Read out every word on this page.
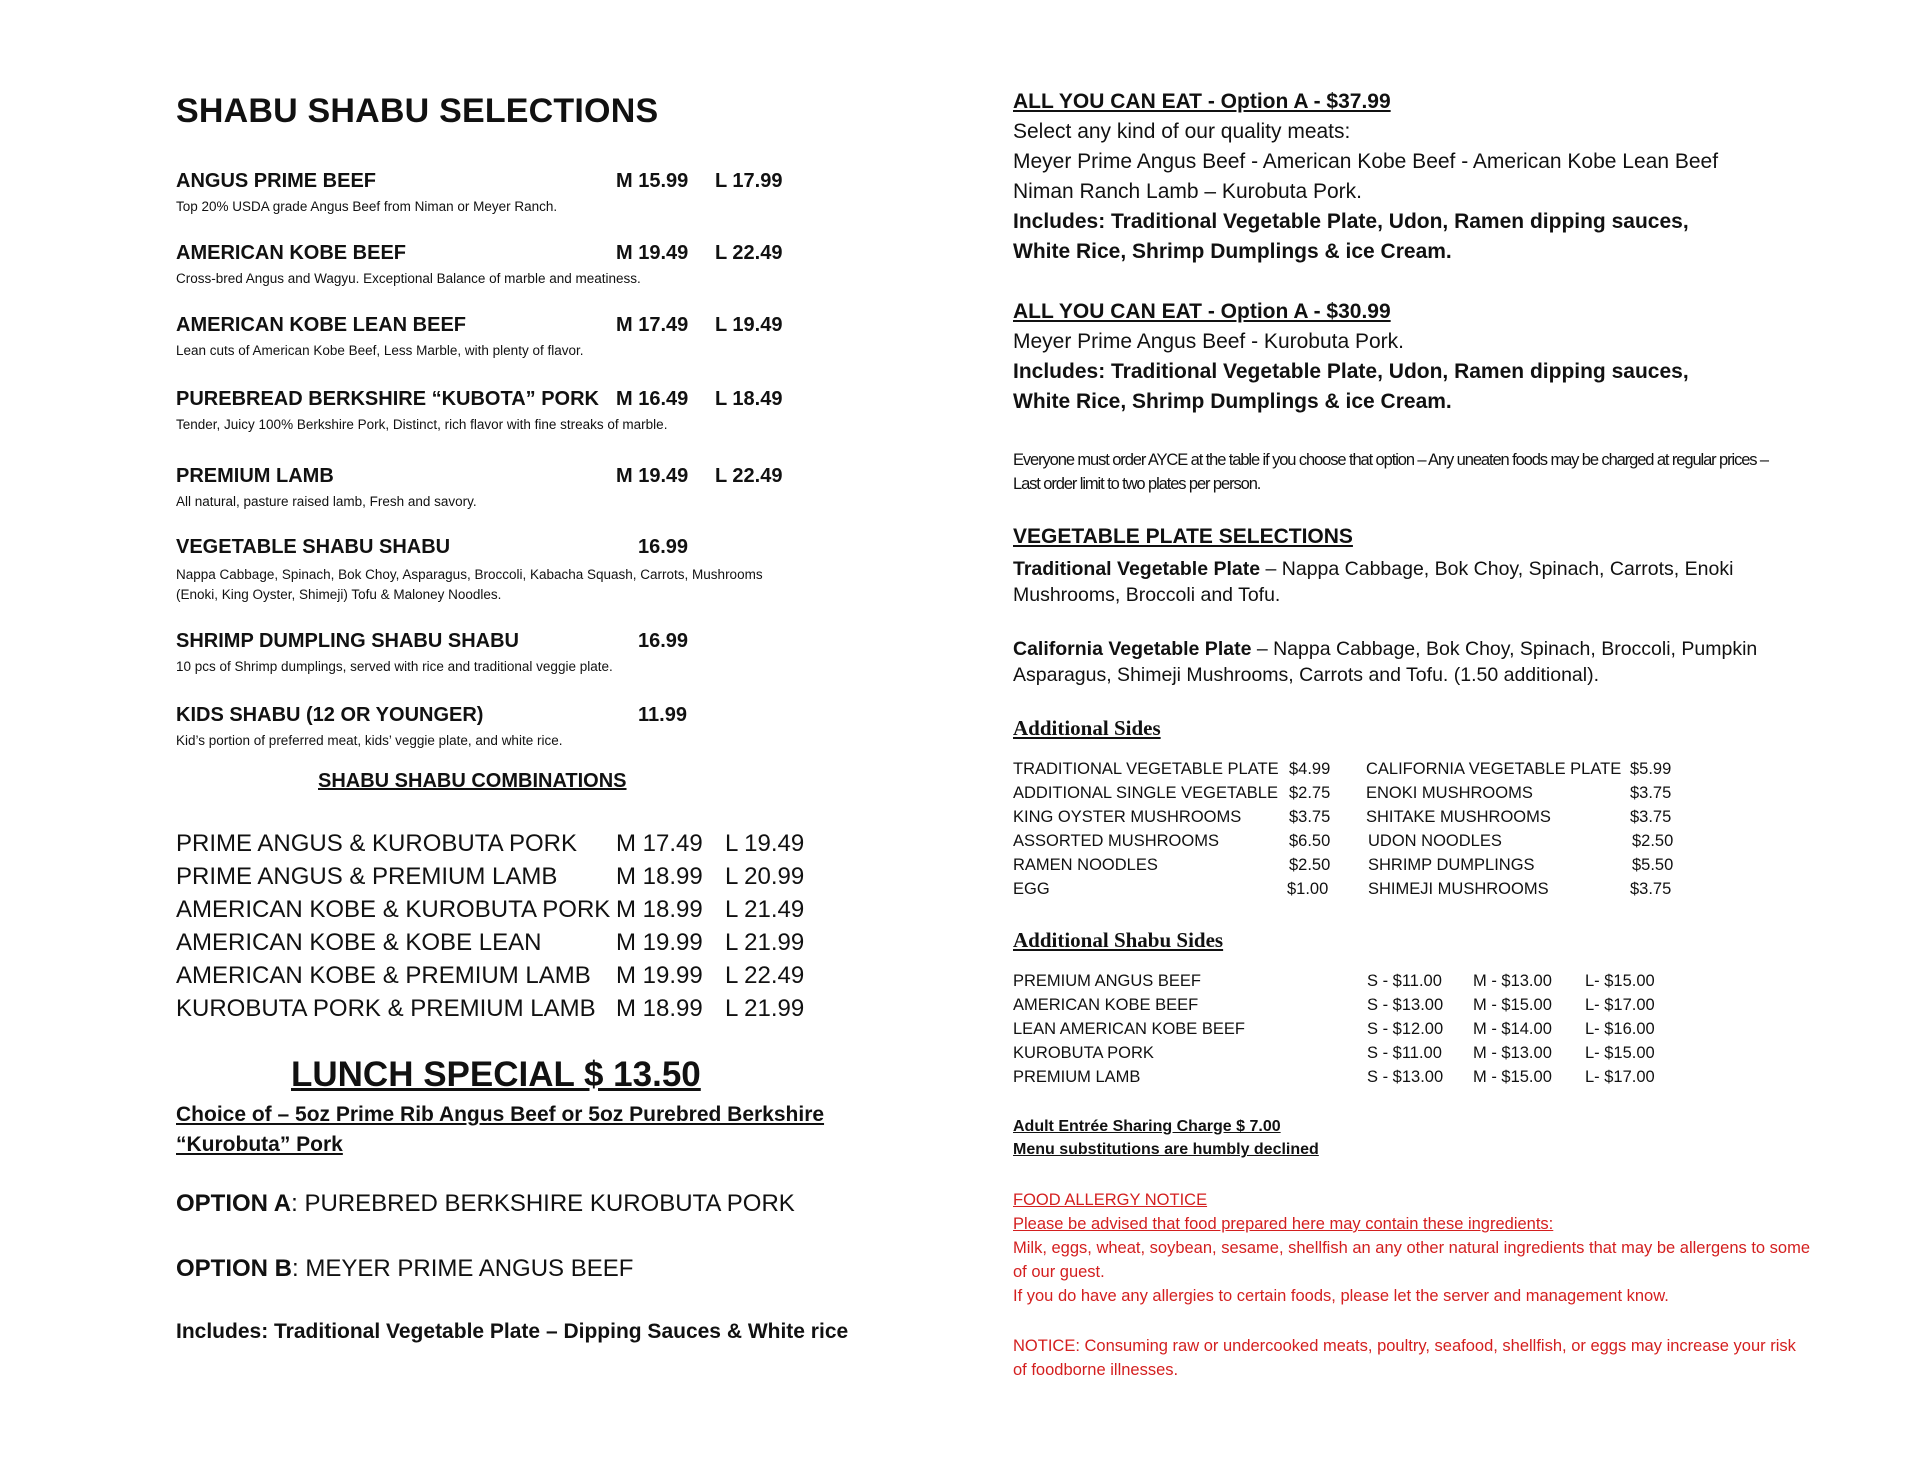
SHABU SHABU SELECTIONS
ANGUS PRIME BEEF	M 15.99 L 17.99
Top 20% USDA grade Angus Beef from Niman or Meyer Ranch.
AMERICAN KOBE BEEF	M 19.49 L 22.49
Cross-bred Angus and Wagyu. Exceptional Balance of marble and meatiness.
AMERICAN KOBE LEAN BEEF	M 17.49 L 19.49
Lean cuts of American Kobe Beef, Less Marble, with plenty of flavor.
PUREBREAD BERKSHIRE “KUBOTA” PORK M 16.49 L 18.49
Tender, Juicy 100% Berkshire Pork, Distinct, rich flavor with fine streaks of marble.
PREMIUM LAMB	M 19.49 L 22.49
All natural, pasture raised lamb, Fresh and savory.
VEGETABLE SHABU SHABU	16.99
Nappa Cabbage, Spinach, Bok Choy, Asparagus, Broccoli, Kabacha Squash, Carrots, Mushrooms (Enoki, King Oyster, Shimeji) Tofu & Maloney Noodles.
SHRIMP DUMPLING SHABU SHABU	16.99
10 pcs of Shrimp dumplings, served with rice and traditional veggie plate.
KIDS SHABU (12 OR YOUNGER)	11.99
Kid’s portion of preferred meat, kids’ veggie plate, and white rice.
SHABU SHABU COMBINATIONS
PRIME ANGUS & KUROBUTA PORK M 17.49 L 19.49
PRIME ANGUS & PREMIUM LAMB M 18.99 L 20.99
AMERICAN KOBE & KUROBUTA PORK M 18.99 L 21.49
AMERICAN KOBE & KOBE LEAN	M 19.99 L 21.99
AMERICAN KOBE & PREMIUM LAMB M 19.99 L 22.49
KUROBUTA PORK & PREMIUM LAMB M 18.99 L 21.99
LUNCH SPECIAL $ 13.50
Choice of – 5oz Prime Rib Angus Beef or 5oz Purebred Berkshire “Kurobuta” Pork
OPTION A: PUREBRED BERKSHIRE KUROBUTA PORK
OPTION B: MEYER PRIME ANGUS BEEF
Includes: Traditional Vegetable Plate – Dipping Sauces & White rice
ALL YOU CAN EAT - Option A - $37.99
Select any kind of our quality meats:
Meyer Prime Angus Beef - American Kobe Beef - American Kobe Lean Beef
Niman Ranch Lamb – Kurobuta Pork.
Includes: Traditional Vegetable Plate, Udon, Ramen dipping sauces,
White Rice, Shrimp Dumplings & ice Cream.
ALL YOU CAN EAT - Option A - $30.99
Meyer Prime Angus Beef - Kurobuta Pork.
Includes: Traditional Vegetable Plate, Udon, Ramen dipping sauces,
White Rice, Shrimp Dumplings & ice Cream.
Everyone must order AYCE at the table if you choose that option – Any uneaten foods may be charged at regular prices – Last order limit to two plates per person.
VEGETABLE PLATE SELECTIONS
Traditional Vegetable Plate – Nappa Cabbage, Bok Choy, Spinach, Carrots, Enoki Mushrooms, Broccoli and Tofu.
California Vegetable Plate – Nappa Cabbage, Bok Choy, Spinach, Broccoli, Pumpkin Asparagus, Shimeji Mushrooms, Carrots and Tofu. (1.50 additional).
Additional Sides
TRADITIONAL VEGETABLE PLATE $4.99 CALIFORNIA VEGETABLE PLATE $5.99
ADDITIONAL SINGLE VEGETABLE $2.75 ENOKI MUSHROOMS	$3.75
KING OYSTER MUSHROOMS	$3.75 SHITAKE MUSHROOMS	$3.75
ASSORTED MUSHROOMS	$6.50 UDON NOODLES	$2.50
RAMEN NOODLES	$2.50 SHRIMP DUMPLINGS	$5.50
EGG	$1.00 SHIMEJI MUSHROOMS	$3.75
Additional Shabu Sides
PREMIUM ANGUS BEEF	S - $11.00 M - $13.00 L- $15.00
AMERICAN KOBE BEEF	S - $13.00 M - $15.00 L- $17.00
LEAN AMERICAN KOBE BEEF	S - $12.00 M - $14.00 L- $16.00
KUROBUTA PORK	S - $11.00 M - $13.00 L- $15.00
PREMIUM LAMB	S - $13.00 M - $15.00 L- $17.00
Adult Entrée Sharing Charge $ 7.00
Menu substitutions are humbly declined
FOOD ALLERGY NOTICE
Please be advised that food prepared here may contain these ingredients:
Milk, eggs, wheat, soybean, sesame, shellfish an any other natural ingredients that may be allergens to some of our guest.
If you do have any allergies to certain foods, please let the server and management know.
NOTICE: Consuming raw or undercooked meats, poultry, seafood, shellfish, or eggs may increase your risk of foodborne illnesses.
